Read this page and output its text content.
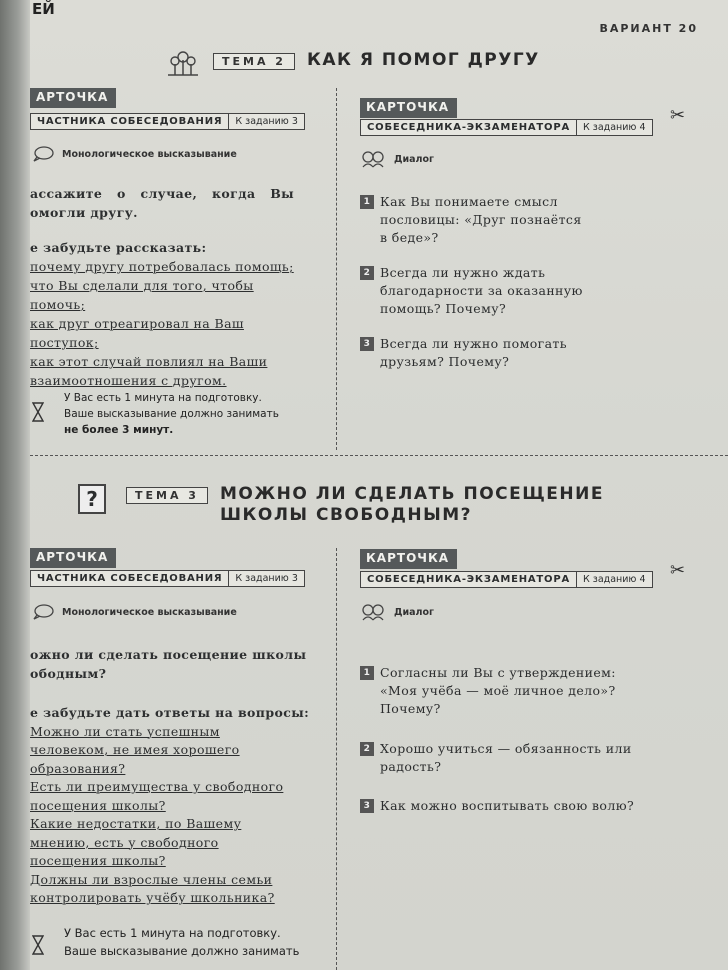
ЕЙ
ВАРИАНТ 20
ТЕМА 2	КАК Я ПОМОГ ДРУГУ
АРТОЧКА
ЧАСТНИКА СОБЕСЕДОВАНИЯ	К заданию 3
Монологическое высказывание

ассажите о случае, когда Вы

омогли другу.

е забудьте рассказать:

почему другу потребовалась помощь;

что Вы сделали для того, чтобы

помочь;

как друг отреагировал на Ваш

поступок;

как этот случай повлиял на Ваши

взаимоотношения с другом.

У Вас есть 1 минута на подготовку.
Ваше высказывание должно занимать
не более 3 минут.
КАРТОЧКА
СОБЕСЕДНИКА-ЭКЗАМЕНАТОРА	К заданию 4
✂
Диалог
1 Как Вы понимаете смысл
пословицы: «Друг познаётся
в беде»?
2 Всегда ли нужно ждать
благодарности за оказанную
помощь? Почему?
3 Всегда ли нужно помогать
друзьям? Почему?
?	ТЕМА 3	МОЖНО ЛИ СДЕЛАТЬ ПОСЕЩЕНИЕ
ШКОЛЫ СВОБОДНЫМ?
АРТОЧКА
ЧАСТНИКА СОБЕСЕДОВАНИЯ	К заданию 3
Монологическое высказывание

ожно ли сделать посещение школы

ободным?

е забудьте дать ответы на вопросы:

Можно ли стать успешным

человеком, не имея хорошего

образования?

Есть ли преимущества у свободного

посещения школы?

Какие недостатки, по Вашему

мнению, есть у свободного

посещения школы?

Должны ли взрослые члены семьи

контролировать учёбу школьника?

У Вас есть 1 минута на подготовку.
Ваше высказывание должно занимать
КАРТОЧКА
СОБЕСЕДНИКА-ЭКЗАМЕНАТОРА	К заданию 4	✂
Диалог
1 Согласны ли Вы с утверждением:
«Моя учёба — моё личное дело»?
Почему?
2 Хорошо учиться — обязанность или
радость?
3 Как можно воспитывать свою волю?
